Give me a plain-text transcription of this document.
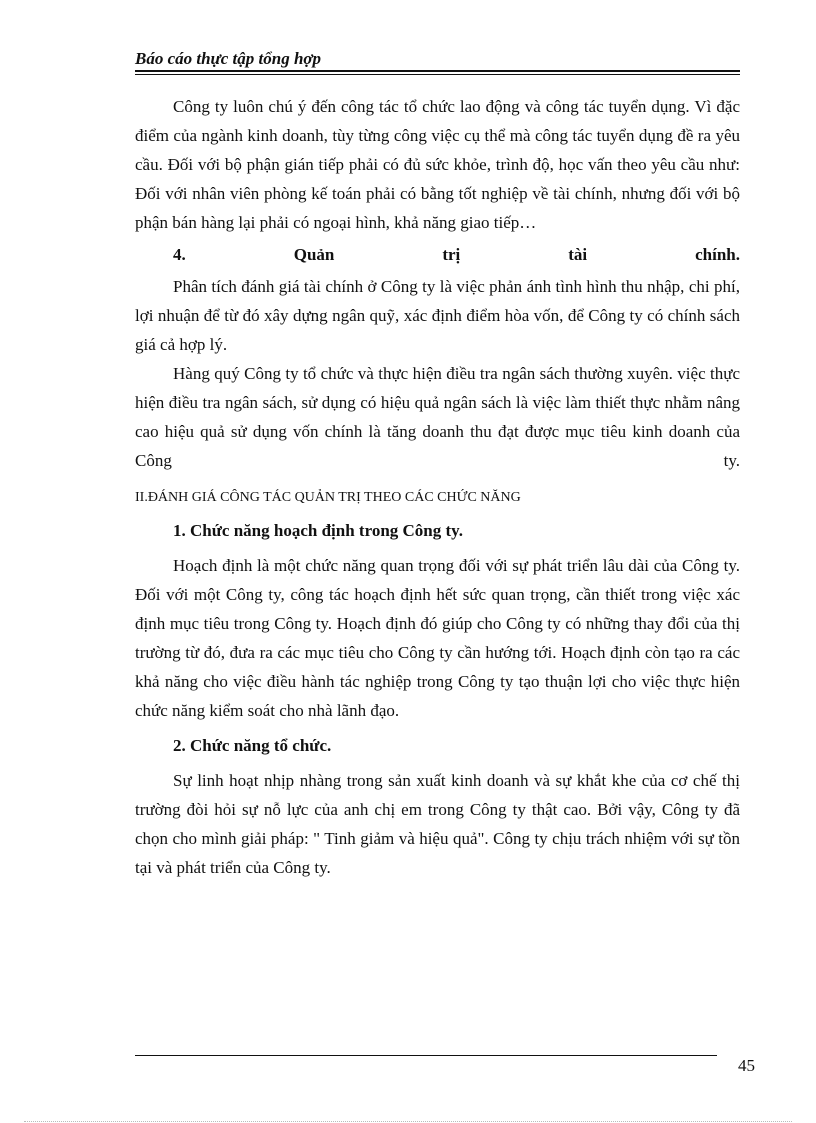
Báo cáo thực tập tổng hợp

Công ty luôn chú ý đến công tác tổ chức lao động và công tác tuyển dụng. Vì đặc điểm của ngành kinh doanh, tùy từng công việc cụ thể mà công tác tuyển dụng đề ra yêu cầu. Đối với bộ phận gián tiếp phải có đủ sức khỏe, trình độ, học vấn theo yêu cầu như: Đối với nhân viên phòng kế toán phải có bằng tốt nghiệp về tài chính, nhưng đối với bộ phận bán hàng lại phải có ngoại hình, khả năng giao tiếp…

4. Quản trị tài chính.

Phân tích đánh giá tài chính ở Công ty là việc phản ánh tình hình thu nhập, chi phí, lợi nhuận để từ đó xây dựng ngân quỹ, xác định điểm hòa vốn, để Công ty có chính sách giá cả hợp lý.

Hàng quý Công ty tổ chức và thực hiện điều tra ngân sách thường xuyên. việc thực hiện điều tra ngân sách, sử dụng có hiệu quả ngân sách là việc làm thiết thực nhằm nâng cao hiệu quả sử dụng vốn chính là tăng doanh thu đạt được mục tiêu kinh doanh của Công ty.

II.ĐÁNH GIÁ CÔNG TÁC QUẢN TRỊ THEO CÁC CHỨC NĂNG

1. Chức năng hoạch định trong Công ty.

Hoạch định là một chức năng quan trọng đối với sự phát triển lâu dài của Công ty. Đối với một Công ty, công tác hoạch định hết sức quan trọng, cần thiết trong việc xác định mục tiêu trong Công ty. Hoạch định đó giúp cho Công ty có những thay đổi của thị trường từ đó, đưa ra các mục tiêu cho Công ty cần hướng tới. Hoạch định còn tạo ra các khả năng cho việc điều hành tác nghiệp trong Công ty tạo thuận lợi cho việc thực hiện chức năng kiểm soát cho nhà lãnh đạo.

2. Chức năng tổ chức.

Sự linh hoạt nhịp nhàng trong sản xuất kinh doanh và sự khắt khe của cơ chế thị trường đòi hỏi sự nỗ lực của anh chị em trong Công ty thật cao. Bởi vậy, Công ty đã chọn cho mình giải pháp: " Tinh giảm và hiệu quả". Công ty chịu trách nhiệm với sự tồn tại và phát triển của Công ty.

45
